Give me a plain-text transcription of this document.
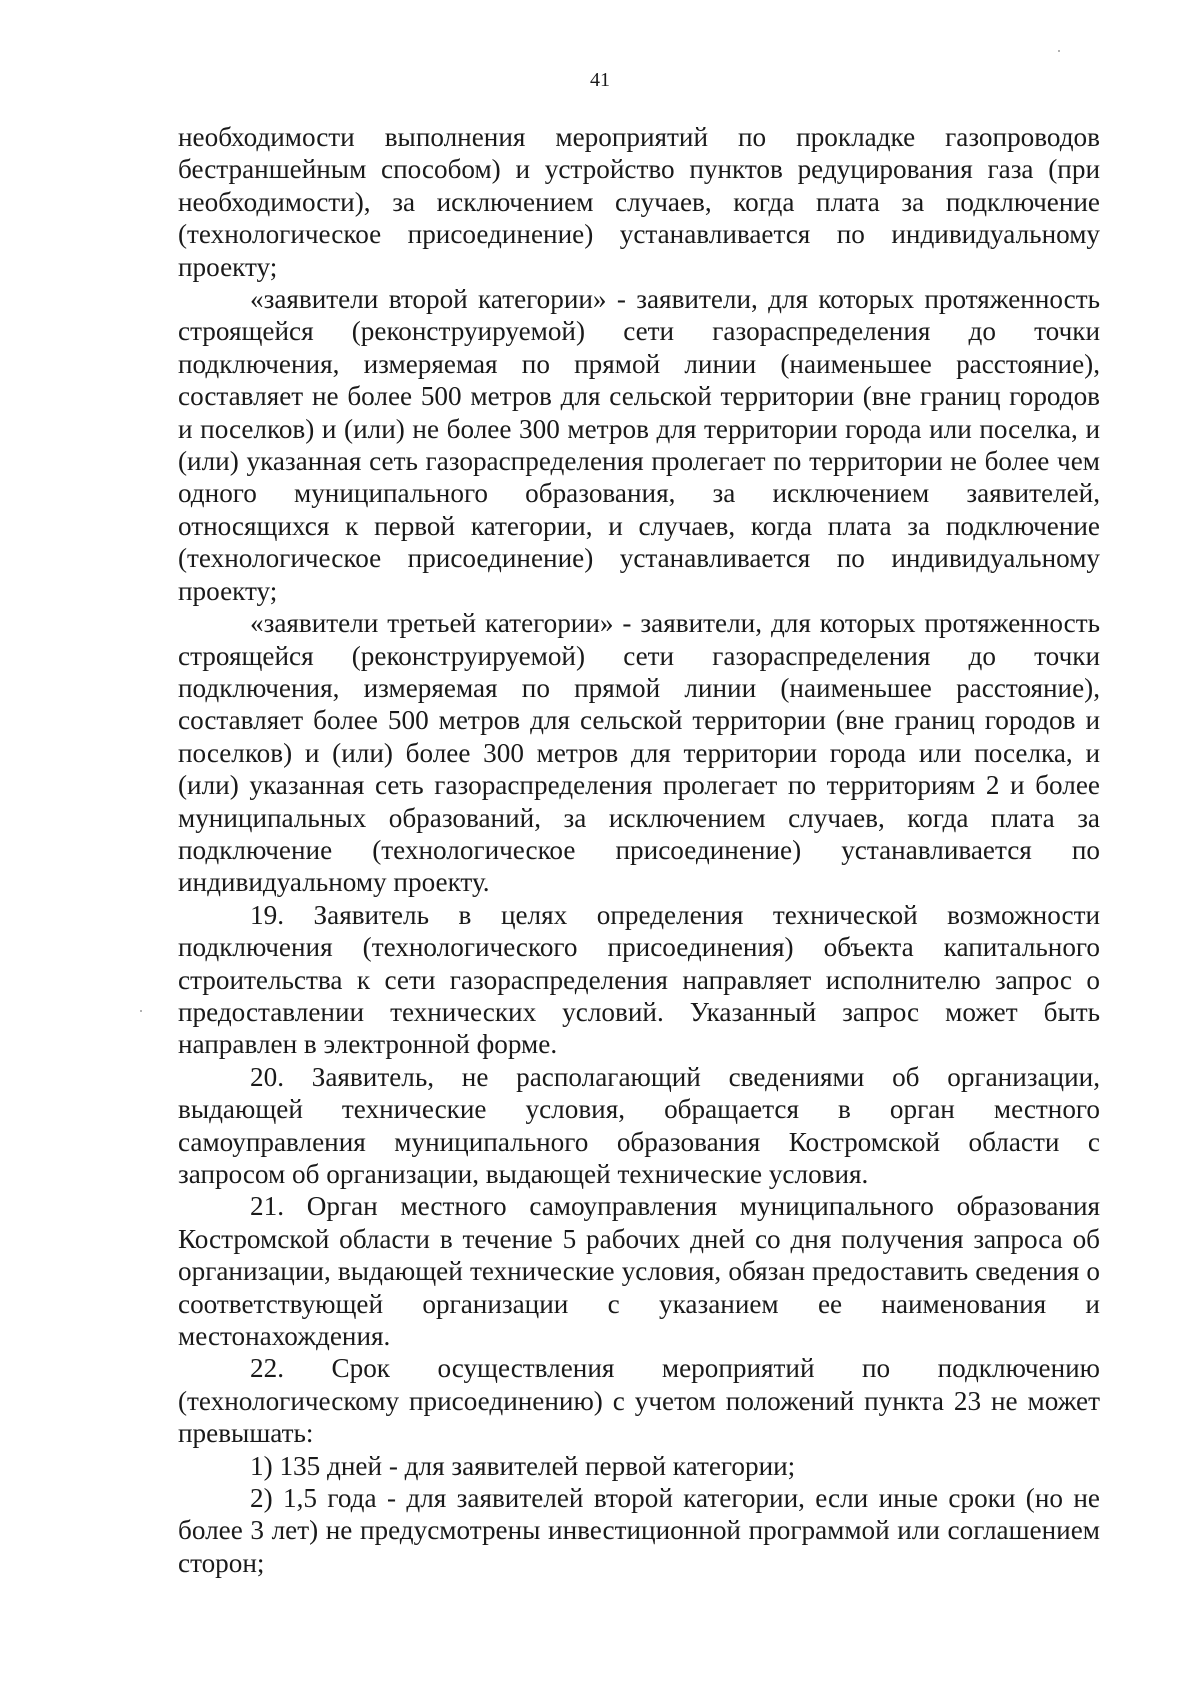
41

необходимости выполнения мероприятий по прокладке газопроводов бестраншейным способом) и устройство пунктов редуцирования газа (при необходимости), за исключением случаев, когда плата за подключение (технологическое присоединение) устанавливается по индивидуальному проекту;

«заявители второй категории» - заявители, для которых протяженность строящейся (реконструируемой) сети газораспределения до точки подключения, измеряемая по прямой линии (наименьшее расстояние), составляет не более 500 метров для сельской территории (вне границ городов и поселков) и (или) не более 300 метров для территории города или поселка, и (или) указанная сеть газораспределения пролегает по территории не более чем одного муниципального образования, за исключением заявителей, относящихся к первой категории, и случаев, когда плата за подключение (технологическое присоединение) устанавливается по индивидуальному проекту;

«заявители третьей категории» - заявители, для которых протяженность строящейся (реконструируемой) сети газораспределения до точки подключения, измеряемая по прямой линии (наименьшее расстояние), составляет более 500 метров для сельской территории (вне границ городов и поселков) и (или) более 300 метров для территории города или поселка, и (или) указанная сеть газораспределения пролегает по территориям 2 и более муниципальных образований, за исключением случаев, когда плата за подключение (технологическое присоединение) устанавливается по индивидуальному проекту.

19. Заявитель в целях определения технической возможности подключения (технологического присоединения) объекта капитального строительства к сети газораспределения направляет исполнителю запрос о предоставлении технических условий. Указанный запрос может быть направлен в электронной форме.

20. Заявитель, не располагающий сведениями об организации, выдающей технические условия, обращается в орган местного самоуправления муниципального образования Костромской области с запросом об организации, выдающей технические условия.

21. Орган местного самоуправления муниципального образования Костромской области в течение 5 рабочих дней со дня получения запроса об организации, выдающей технические условия, обязан предоставить сведения о соответствующей организации с указанием ее наименования и местонахождения.

22. Срок осуществления мероприятий по подключению (технологическому присоединению) с учетом положений пункта 23 не может превышать:

1) 135 дней - для заявителей первой категории;

2) 1,5 года - для заявителей второй категории, если иные сроки (но не более 3 лет) не предусмотрены инвестиционной программой или соглашением сторон;
